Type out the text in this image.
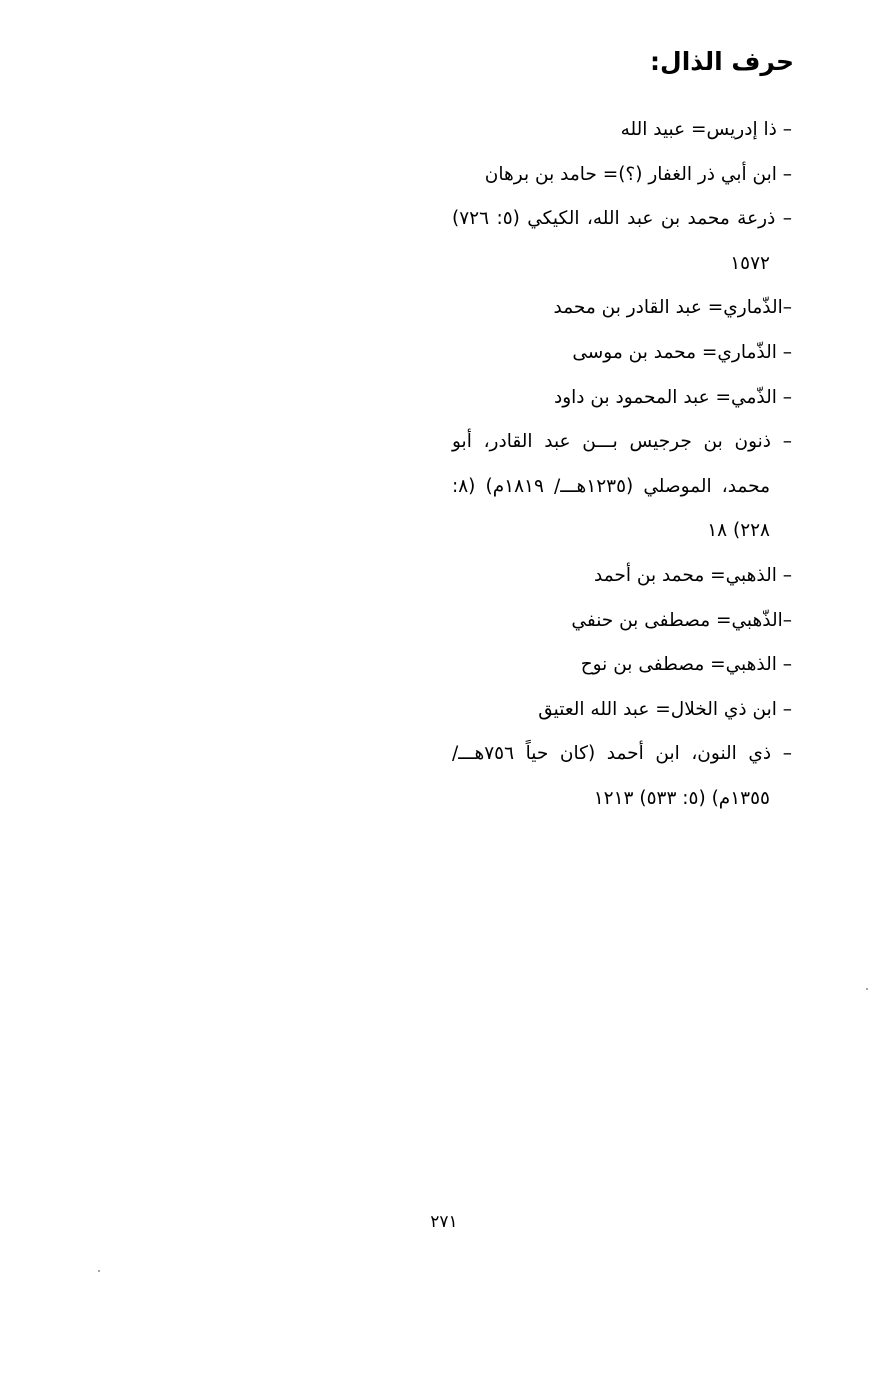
حرف الذال:
– ذا إدريس= عبيد الله
– ابن أبي ذر الغفار (؟)= حامد بن برهان
– ذرعة محمد بن عبد الله، الكيكي (٥: ٧٢٦) ١٥٧٢
–الذّماري= عبد القادر بن محمد
– الذّماري= محمد بن موسى
– الذّمي= عبد المحمود بن داود
– ذنون بن جرجيس بـــن عبد القادر، أبو محمد، الموصلي (١٢٣٥هـــ/ ١٨١٩م) (٨: ٢٢٨) ١٨
– الذهبي= محمد بن أحمد
–الذّهبي= مصطفى بن حنفي
– الذهبي= مصطفى بن نوح
– ابن ذي الخلال= عبد الله العتيق
– ذي النون، ابن أحمد (كان حياً ٧٥٦هـــ/ ١٣٥٥م) (٥: ٥٣٣) ١٢١٣
٢٧١
